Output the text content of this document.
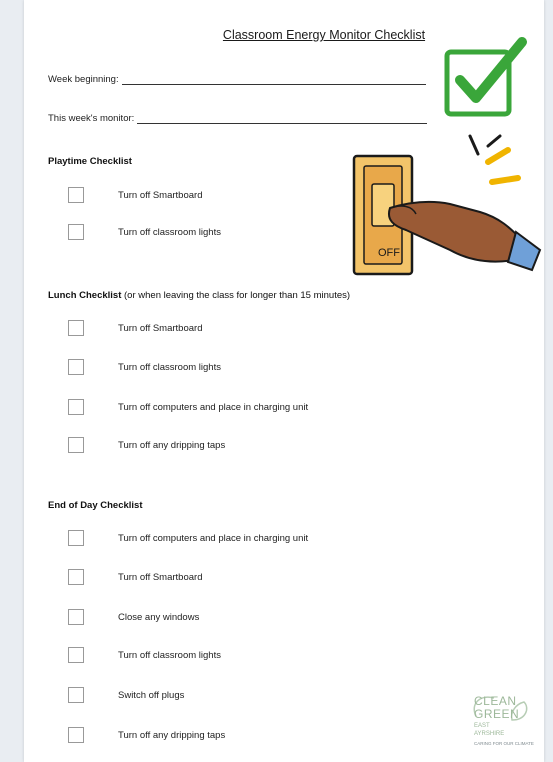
Classroom Energy Monitor Checklist
Week beginning:
This week's monitor:
OFF
Playtime Checklist
Turn off Smartboard
Turn off classroom lights
Lunch Checklist (or when leaving the class for longer than 15 minutes)
Turn off Smartboard
Turn off classroom lights
Turn off computers and place in charging unit
Turn off any dripping taps
End of Day Checklist
Turn off computers and place in charging unit
Turn off Smartboard
Close any windows
Turn off classroom lights
Switch off plugs
Turn off any dripping taps
CLEAN
GREEN
EAST
AYRSHIRE
CARING FOR OUR CLIMATE
